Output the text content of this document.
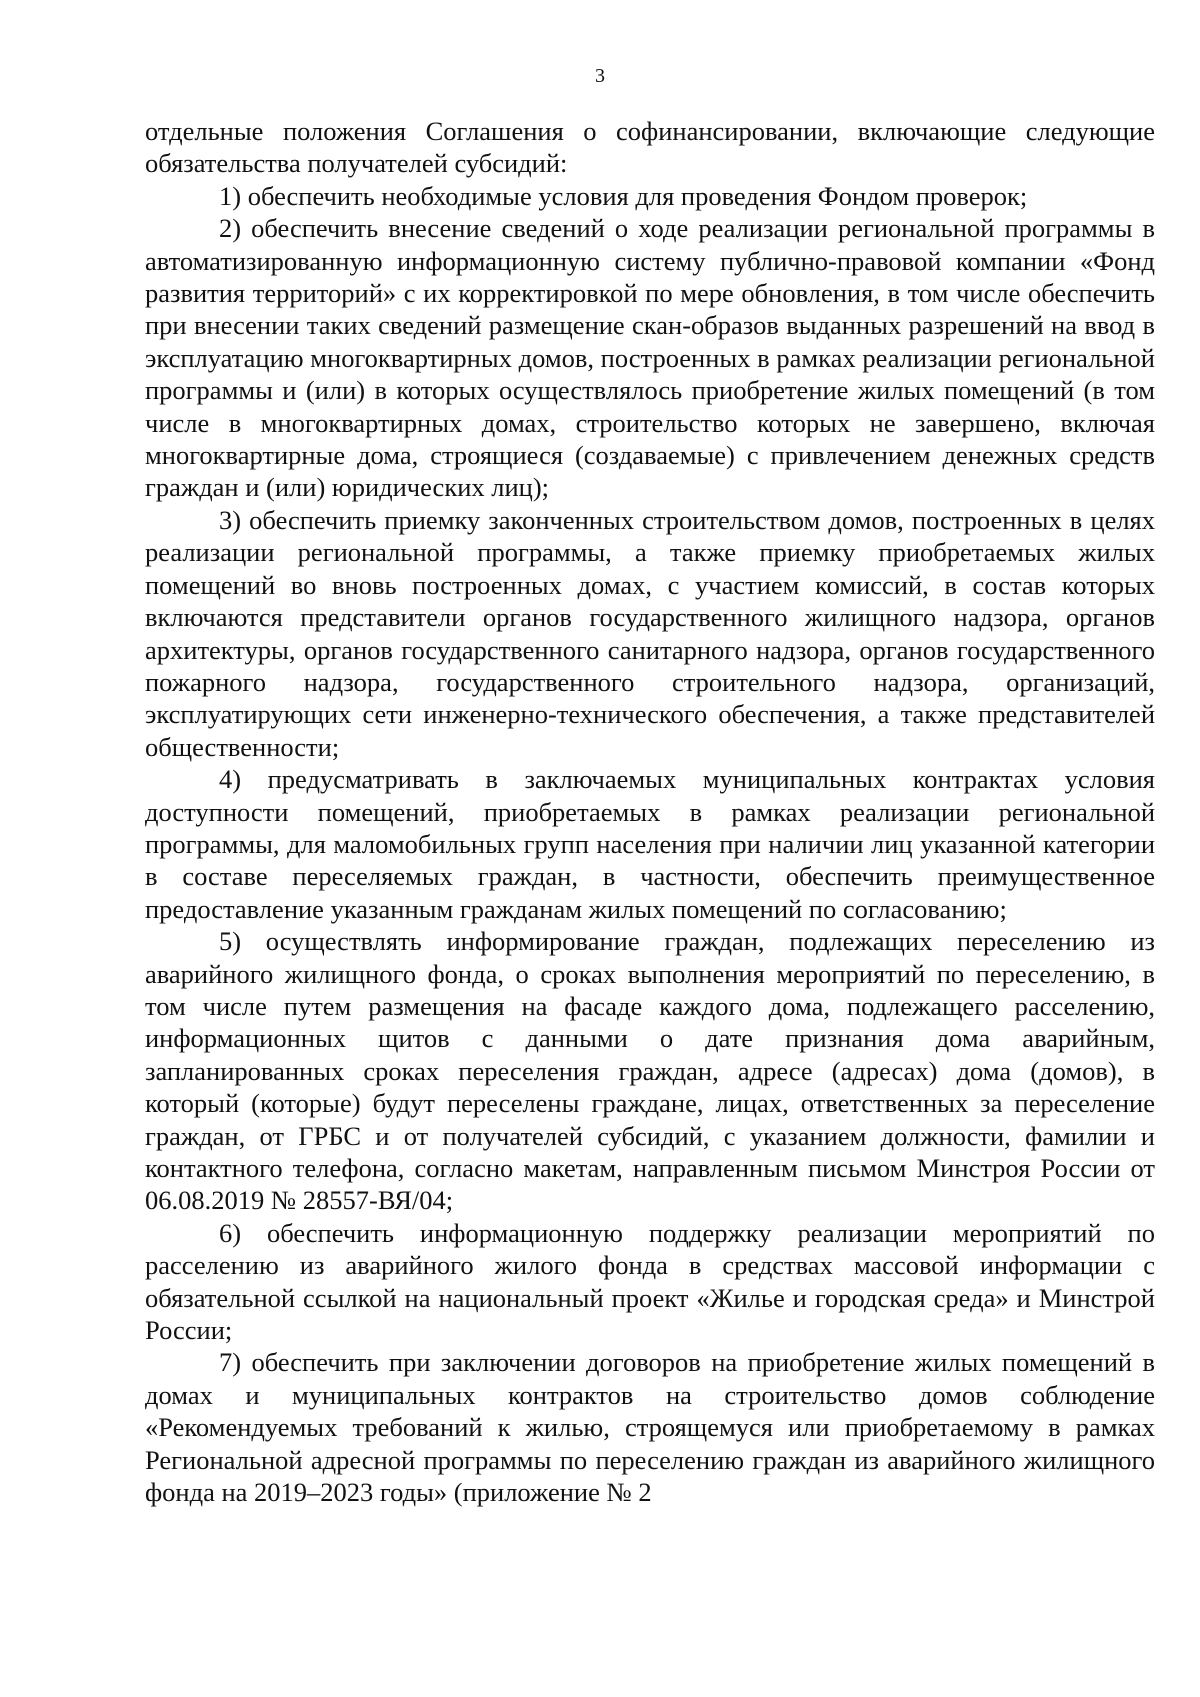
3

отдельные положения Соглашения о софинансировании, включающие следующие обязательства получателей субсидий:

1) обеспечить необходимые условия для проведения Фондом проверок;

2) обеспечить внесение сведений о ходе реализации региональной программы в автоматизированную информационную систему публично-правовой компании «Фонд развития территорий» с их корректировкой по мере обновления, в том числе обеспечить при внесении таких сведений размещение скан-образов выданных разрешений на ввод в эксплуатацию многоквартирных домов, построенных в рамках реализации региональной программы и (или) в которых осуществлялось приобретение жилых помещений (в том числе в многоквартирных домах, строительство которых не завершено, включая многоквартирные дома, строящиеся (создаваемые) с привлечением денежных средств граждан и (или) юридических лиц);

3) обеспечить приемку законченных строительством домов, построенных в целях реализации региональной программы, а также приемку приобретаемых жилых помещений во вновь построенных домах, с участием комиссий, в состав которых включаются представители органов государственного жилищного надзора, органов архитектуры, органов государственного санитарного надзора, органов государственного пожарного надзора, государственного строительного надзора, организаций, эксплуатирующих сети инженерно-технического обеспечения, а также представителей общественности;

4) предусматривать в заключаемых муниципальных контрактах условия доступности помещений, приобретаемых в рамках реализации региональной программы, для маломобильных групп населения при наличии лиц указанной категории в составе переселяемых граждан, в частности, обеспечить преимущественное предоставление указанным гражданам жилых помещений по согласованию;

5) осуществлять информирование граждан, подлежащих переселению из аварийного жилищного фонда, о сроках выполнения мероприятий по переселению, в том числе путем размещения на фасаде каждого дома, подлежащего расселению, информационных щитов с данными о дате признания дома аварийным, запланированных сроках переселения граждан, адресе (адресах) дома (домов), в который (которые) будут переселены граждане, лицах, ответственных за переселение граждан, от ГРБС и от получателей субсидий, с указанием должности, фамилии и контактного телефона, согласно макетам, направленным письмом Минстроя России от 06.08.2019 № 28557-ВЯ/04;

6) обеспечить информационную поддержку реализации мероприятий по расселению из аварийного жилого фонда в средствах массовой информации с обязательной ссылкой на национальный проект «Жилье и городская среда» и Минстрой России;

7) обеспечить при заключении договоров на приобретение жилых помещений в домах и муниципальных контрактов на строительство домов соблюдение «Рекомендуемых требований к жилью, строящемуся или приобретаемому в рамках Региональной адресной программы по переселению граждан из аварийного жилищного фонда на 2019–2023 годы» (приложение № 2
